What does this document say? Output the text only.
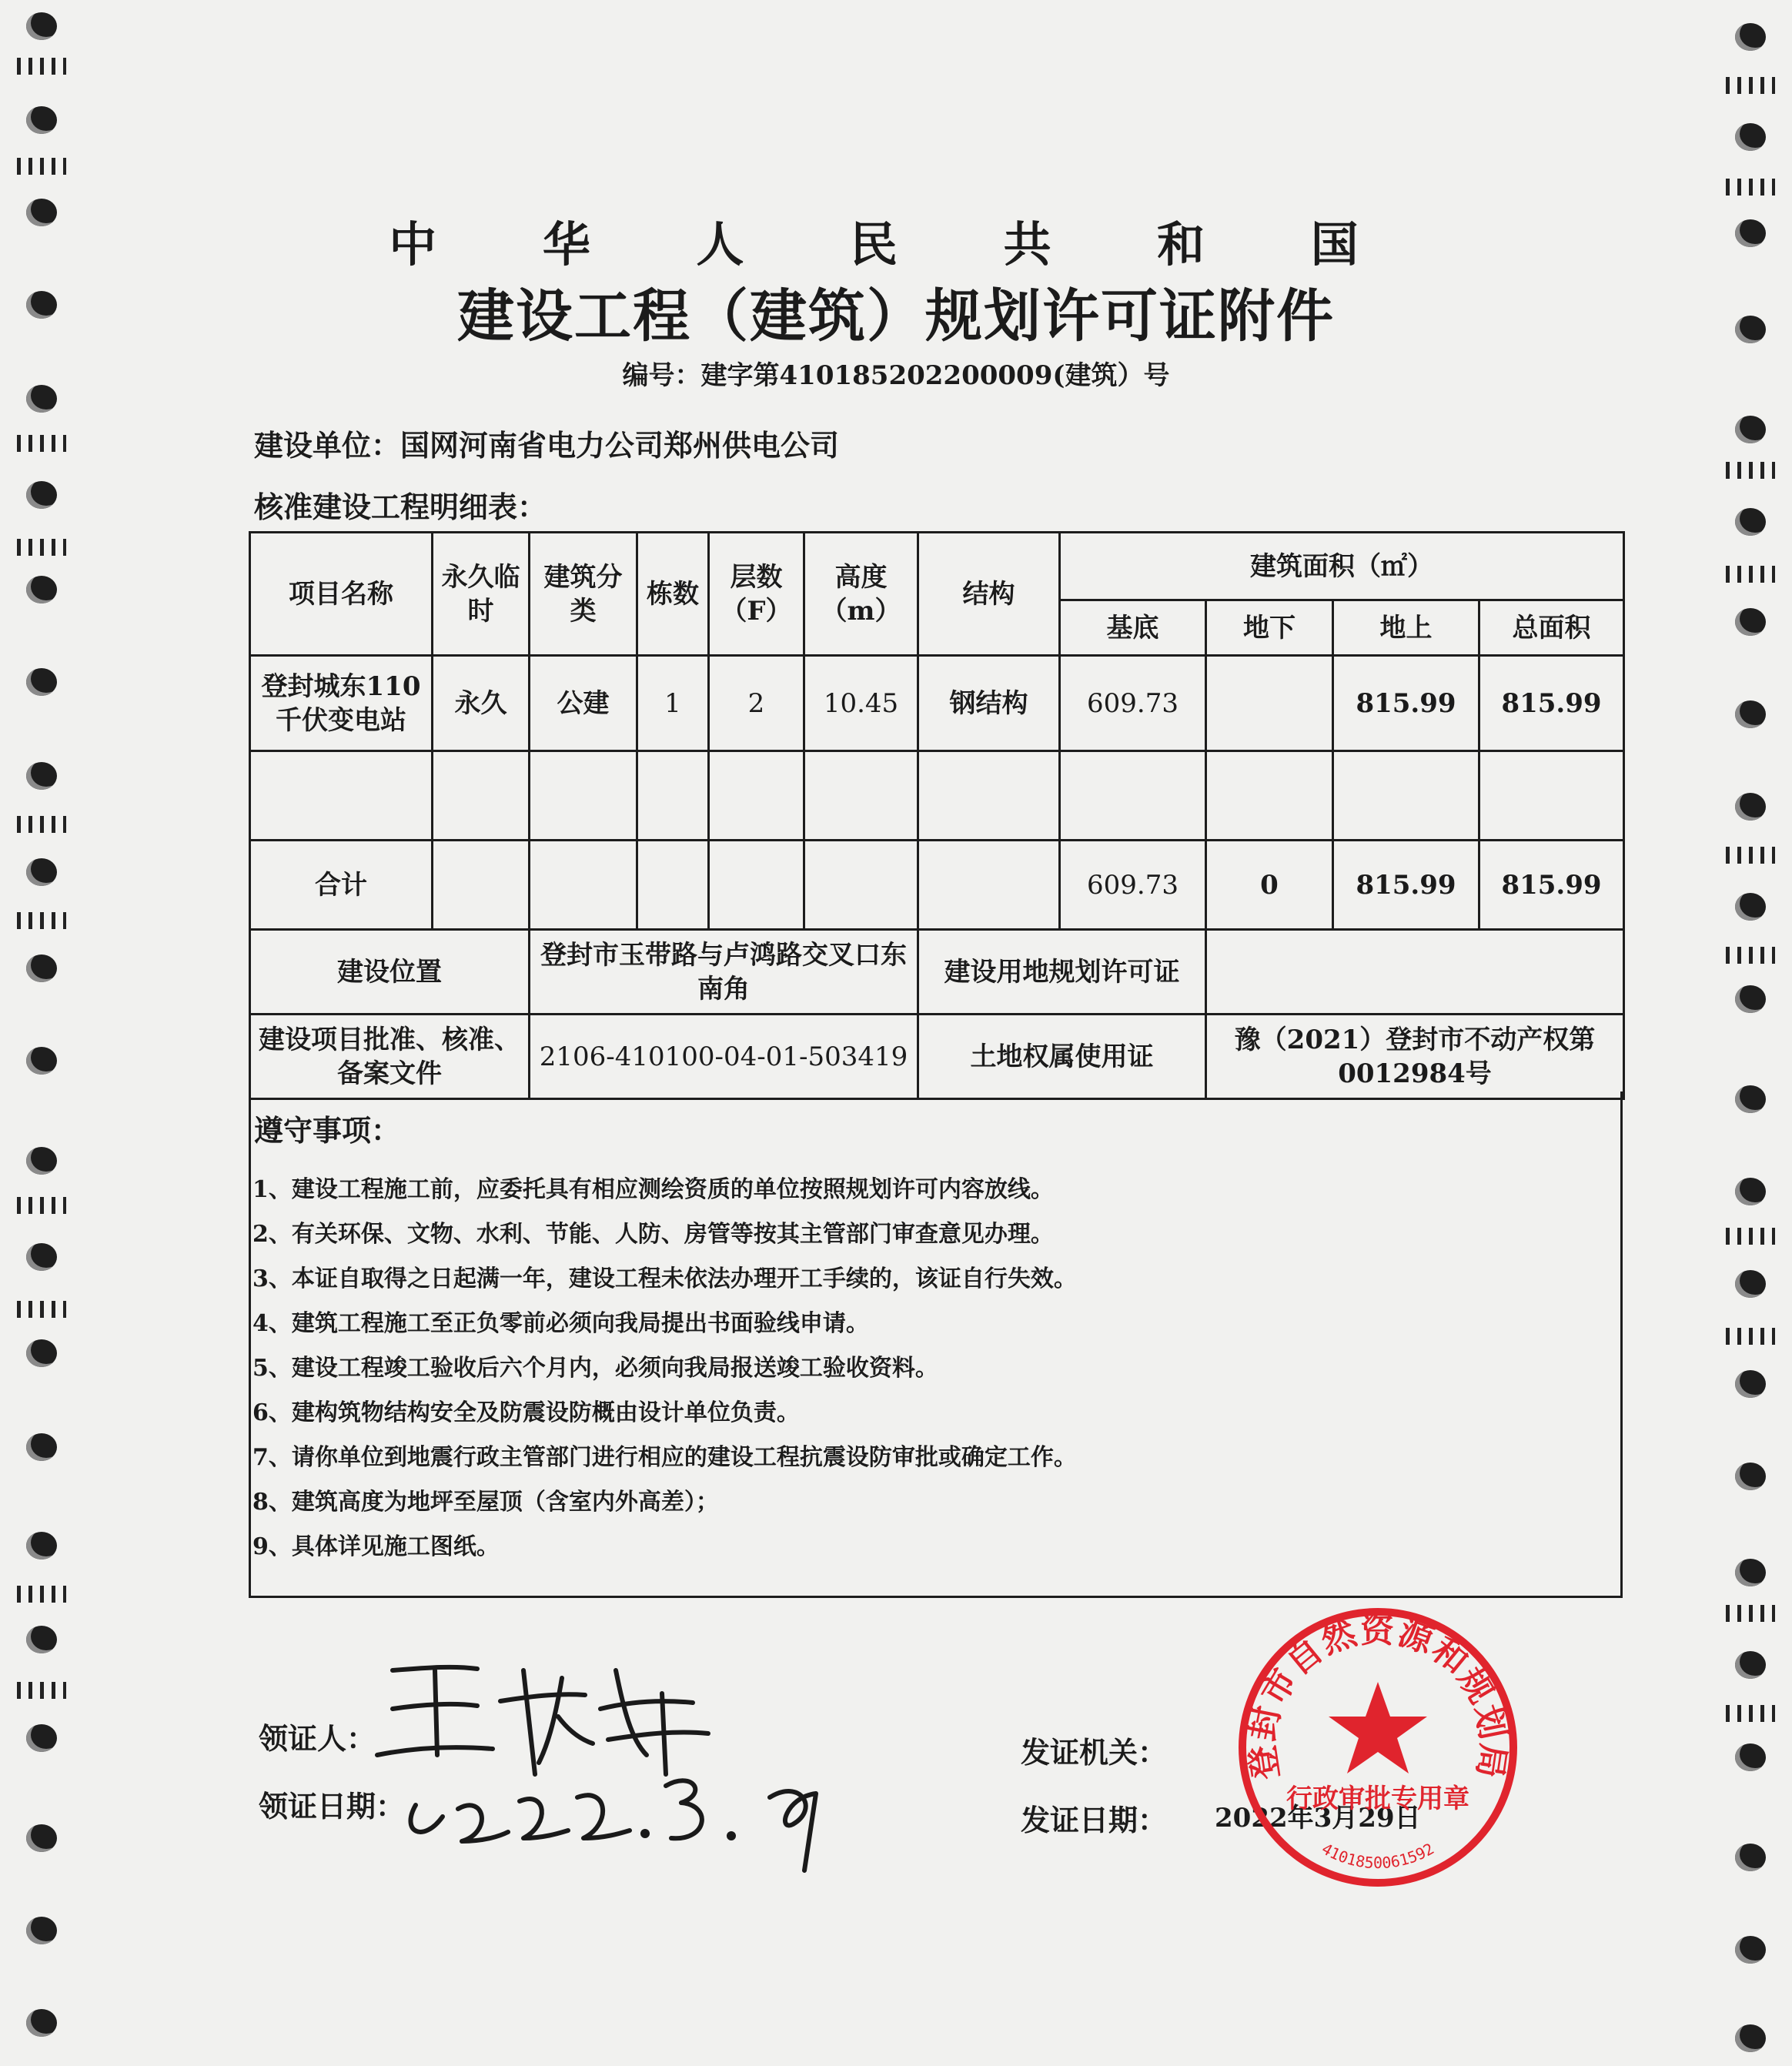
中 华 人 民 共 和 国
建设工程（建筑）规划许可证附件
编号：建字第410185202200009(建筑）号
建设单位：国网河南省电力公司郑州供电公司
核准建设工程明细表：
项目名称	永久临时	建筑分类	栋数	层数（F）	高度（m）	结构	建筑面积（㎡）			
							基底	地下	地上	总面积
登封城东110千伏变电站	永久	公建	1	2	10.45	钢结构	609.73		815.99	815.99

合计							609.73	0	815.99	815.99
建设位置		登封市玉带路与卢鸿路交叉口东南角				建设用地规划许可证				
建设项目批准、核准、备案文件		2106-410100-04-01-503419				土地权属使用证		豫（2021）登封市不动产权第0012984号		
遵守事项：
1、建设工程施工前，应委托具有相应测绘资质的单位按照规划许可内容放线。
2、有关环保、文物、水利、节能、人防、房管等按其主管部门审查意见办理。
3、本证自取得之日起满一年，建设工程未依法办理开工手续的，该证自行失效。
4、建筑工程施工至正负零前必须向我局提出书面验线申请。
5、建设工程竣工验收后六个月内，必须向我局报送竣工验收资料。
6、建构筑物结构安全及防震设防概由设计单位负责。
7、请你单位到地震行政主管部门进行相应的建设工程抗震设防审批或确定工作。
8、建筑高度为地坪至屋顶（含室内外高差）；
9、具体详见施工图纸。
领证人：
领证日期：
发证机关：
发证日期： 2022年3月29日
登封市自然资源和规划局
行政审批专用章
4101850061592
